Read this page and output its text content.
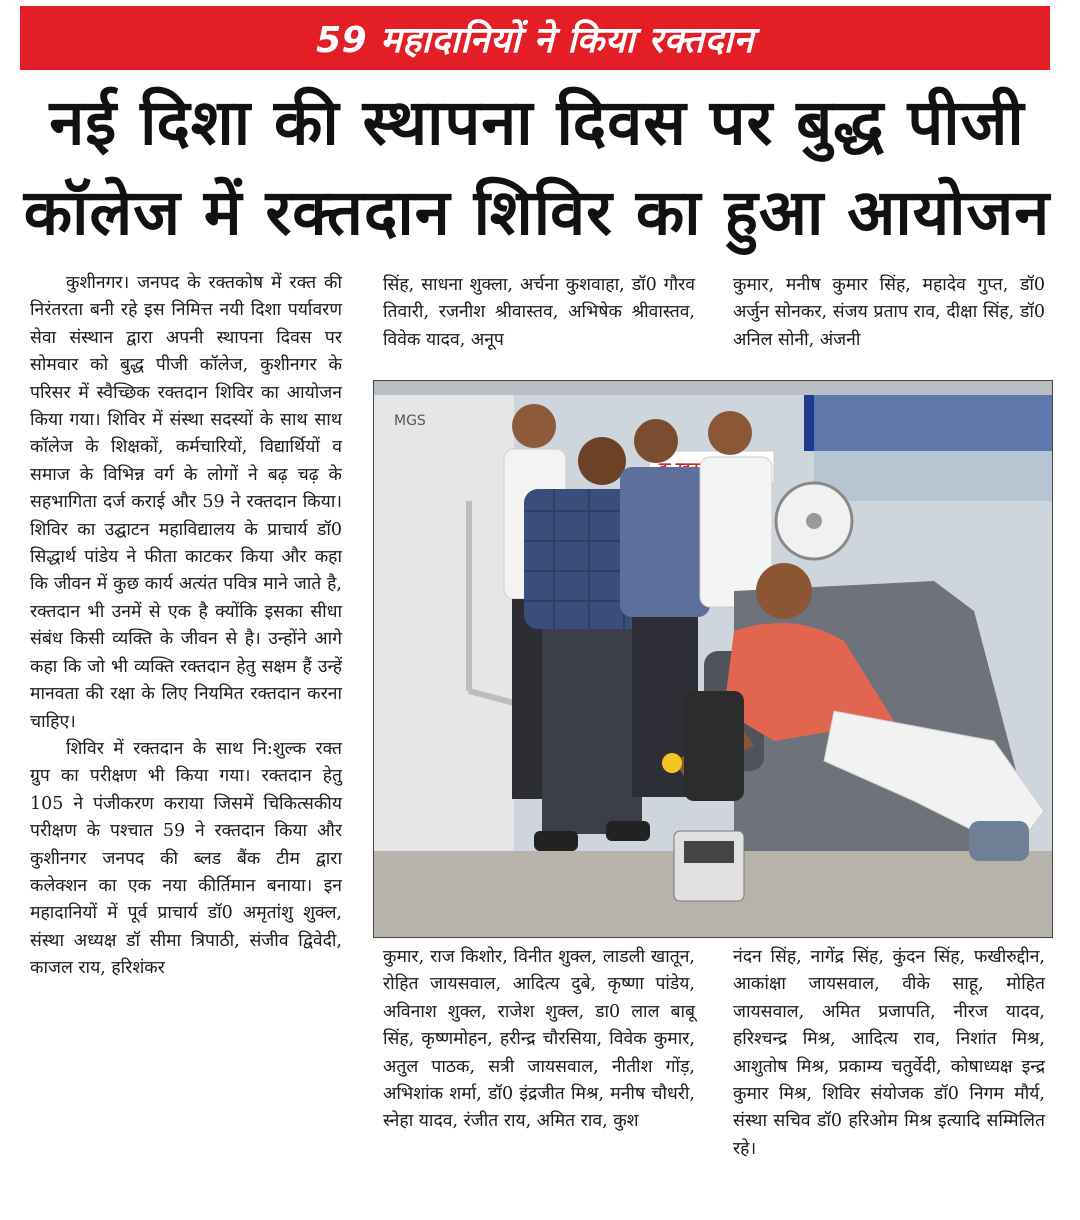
59 महादानियों ने किया रक्तदान
नई दिशा की स्थापना दिवस पर बुद्ध पीजी
कॉलेज में रक्तदान शिविर का हुआ आयोजन

कुशीनगर। जनपद के रक्तकोष में रक्त की निरंतरता बनी रहे इस निमित्त नयी दिशा पर्यावरण सेवा संस्थान द्वारा अपनी स्थापना दिवस पर सोमवार को बुद्ध पीजी कॉलेज, कुशीनगर के परिसर में स्वैच्छिक रक्तदान शिविर का आयोजन किया गया। शिविर में संस्था सदस्यों के साथ साथ कॉलेज के शिक्षकों, कर्मचारियों, विद्यार्थियों व समाज के विभिन्न वर्ग के लोगों ने बढ़ चढ़ के सहभागिता दर्ज कराई और 59 ने रक्तदान किया। शिविर का उद्घाटन महाविद्यालय के प्राचार्य डॉ0 सिद्धार्थ पांडेय ने फीता काटकर किया और कहा कि जीवन में कुछ कार्य अत्यंत पवित्र माने जाते है, रक्तदान भी उनमें से एक है क्योंकि इसका सीधा संबंध किसी व्यक्ति के जीवन से है। उन्होंने आगे कहा कि जो भी व्यक्ति रक्तदान हेतु सक्षम हैं उन्हें मानवता की रक्षा के लिए नियमित रक्तदान करना चाहिए।

शिविर में रक्तदान के साथ नि:शुल्क रक्त ग्रुप का परीक्षण भी किया गया। रक्तदान हेतु 105 ने पंजीकरण कराया जिसमें चिकित्सकीय परीक्षण के पश्चात 59 ने रक्तदान किया और कुशीनगर जनपद की ब्लड बैंक टीम द्वारा कलेक्शन का एक नया कीर्तिमान बनाया। इन महादानियों में पूर्व प्राचार्य डॉ0 अमृतांशु शुक्ल, संस्था अध्यक्ष डॉ सीमा त्रिपाठी, संजीव द्विवेदी, काजल राय, हरिशंकर

सिंह, साधना शुक्ला, अर्चना कुशवाहा, डॉ0 गौरव तिवारी, रजनीश श्रीवास्तव, अभिषेक श्रीवास्तव, विवेक यादव, अनूप

कुमार, मनीष कुमार सिंह, महादेव गुप्त, डॉ0 अर्जुन सोनकर, संजय प्रताप राव, दीक्षा सिंह, डॉ0 अनिल सोनी, अंजनी

MGS

कुमार, राज किशोर, विनीत शुक्ल, लाडली खातून, रोहित जायसवाल, आदित्य दुबे, कृष्णा पांडेय, अविनाश शुक्ल, राजेश शुक्ल, डा0 लाल बाबू सिंह, कृष्णमोहन, हरीन्द्र चौरसिया, विवेक कुमार, अतुल पाठक, सत्री जायसवाल, नीतीश गोंड़, अभिशांक शर्मा, डॉ0 इंद्रजीत मिश्र, मनीष चौधरी, स्नेहा यादव, रंजीत राय, अमित राव, कुश

नंदन सिंह, नागेंद्र सिंह, कुंदन सिंह, फखीरुद्दीन, आकांक्षा जायसवाल, वीके साहू, मोहित जायसवाल, अमित प्रजापति, नीरज यादव, हरिश्चन्द्र मिश्र, आदित्य राव, निशांत मिश्र, आशुतोष मिश्र, प्रकाम्य चतुर्वेदी, कोषाध्यक्ष इन्द्र कुमार मिश्र, शिविर संयोजक डॉ0 निगम मौर्य, संस्था सचिव डॉ0 हरिओम मिश्र इत्यादि सम्मिलित रहे।
